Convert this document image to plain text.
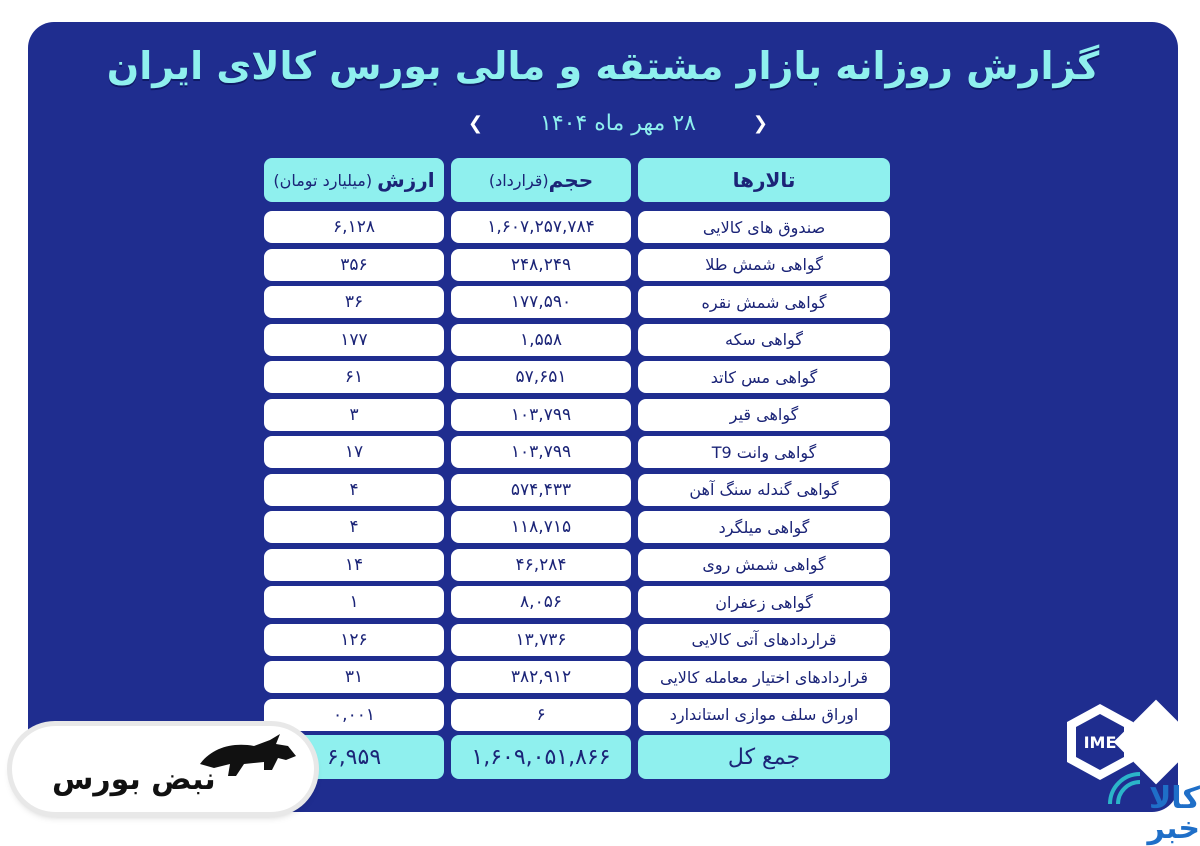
گزارش روزانه بازار مشتقه و مالی بورس کالای ایران
❮	۲۸ مهر ماه ۱۴۰۴	❯
تالارها
حجم
(قرارداد)
ارزش

(میلیارد تومان)
صندوق های کالایی
۱,۶۰۷,۲۵۷,۷۸۴
۶,۱۲۸
گواهی شمش طلا
۲۴۸,۲۴۹
۳۵۶
گواهی شمش نقره
۱۷۷,۵۹۰
۳۶
گواهی سکه
۱,۵۵۸
۱۷۷
گواهی مس کاتد
۵۷,۶۵۱
۶۱
گواهی قیر
۱۰۳,۷۹۹
۳
گواهی وانت T9
۱۰۳,۷۹۹
۱۷
گواهی گندله سنگ آهن
۵۷۴,۴۳۳
۴
گواهی میلگرد
۱۱۸,۷۱۵
۴
گواهی شمش روی
۴۶,۲۸۴
۱۴
گواهی زعفران
۸,۰۵۶
۱
قراردادهای آتی کالایی
۱۳,۷۳۶
۱۲۶
قراردادهای اختیار معامله کالایی
۳۸۲,۹۱۲
۳۱
اوراق سلف موازی استاندارد
۶
۰,۰۰۱
جمع کل
۱,۶۰۹,۰۵۱,۸۶۶
۶,۹۵۹
IME
نبض بورس
کالا خبر
